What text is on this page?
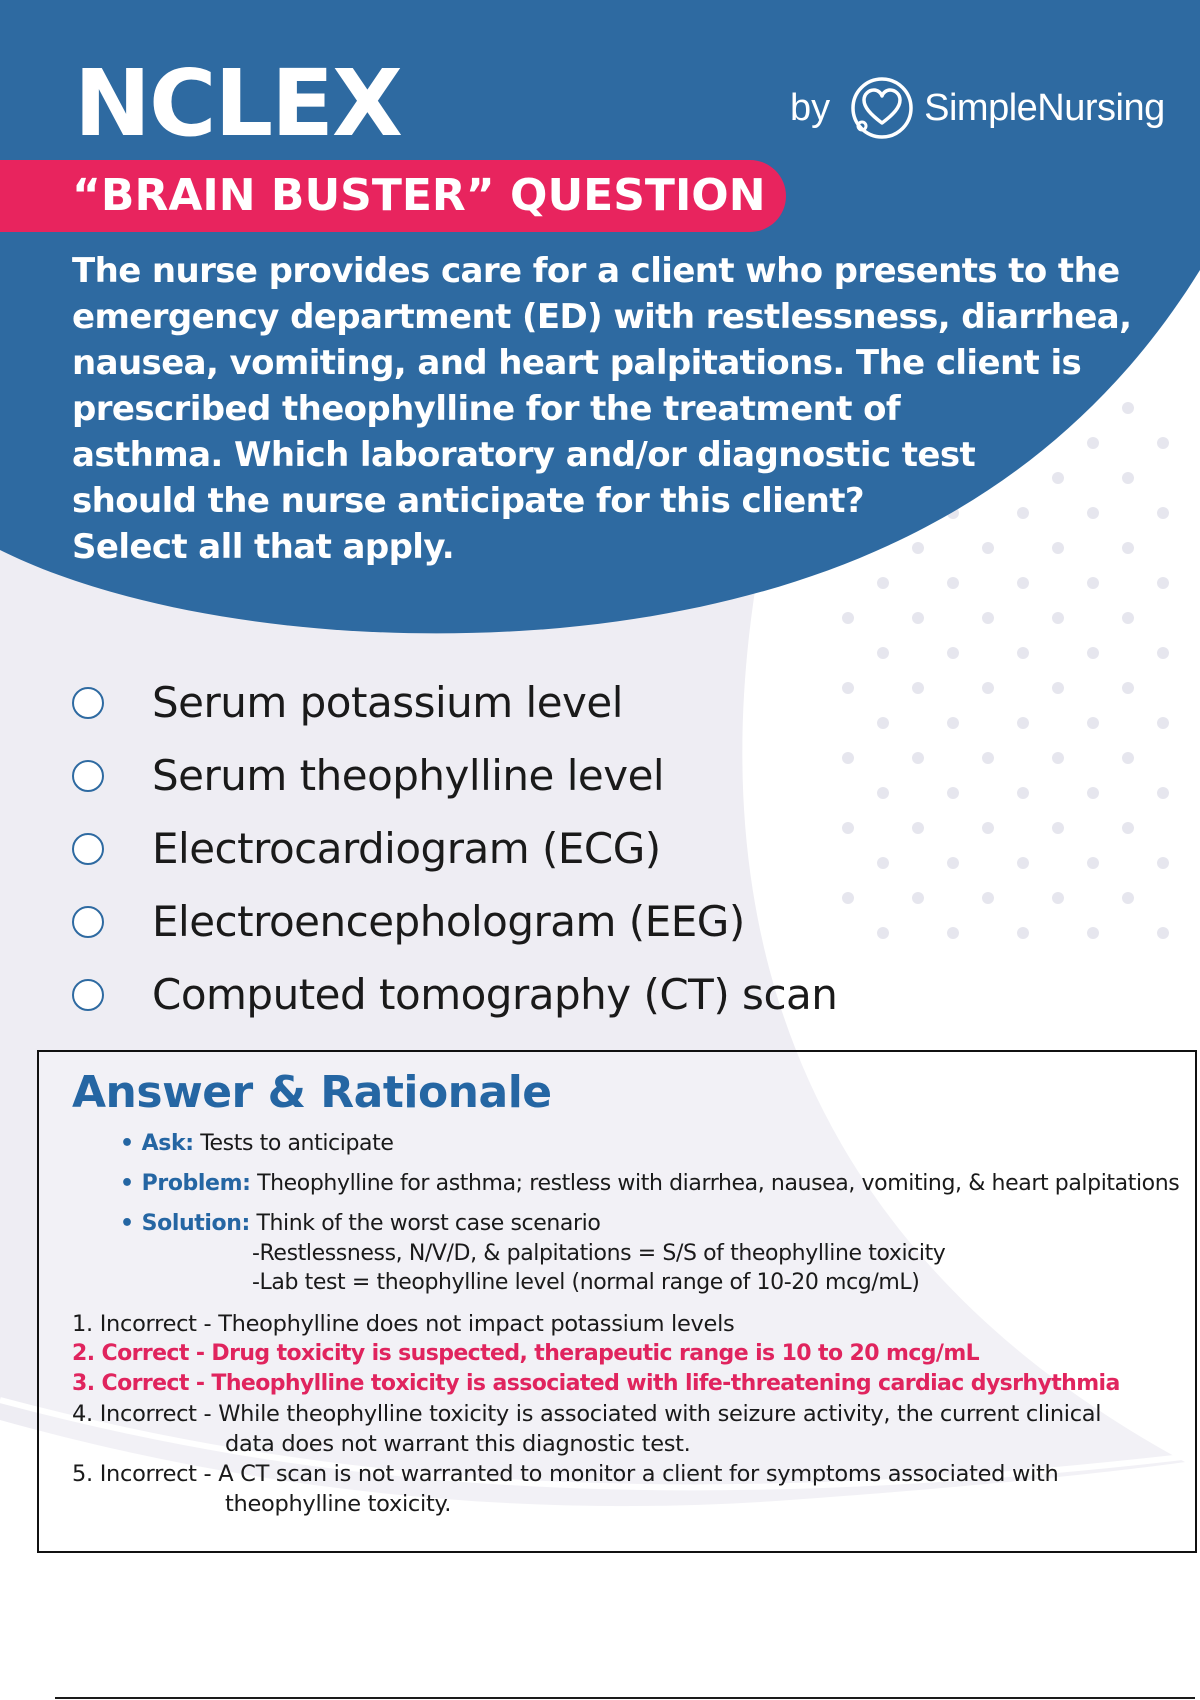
NCLEX	by SimpleNursing
“BRAIN BUSTER” QUESTION
The nurse provides care for a client who presents to the
emergency department (ED) with restlessness, diarrhea,
nausea, vomiting, and heart palpitations. The client is
prescribed theophylline for the treatment of
asthma. Which laboratory and/or diagnostic test
should the nurse anticipate for this client?
Select all that apply.
Serum potassium level
Serum theophylline level
Electrocardiogram (ECG)
Electroencephologram (EEG)
Computed tomography (CT) scan
Answer & Rationale
• Ask: Tests to anticipate
• Problem: Theophylline for asthma; restless with diarrhea, nausea, vomiting, & heart palpitations
• Solution: Think of the worst case scenario
-Restlessness, N/V/D, & palpitations = S/S of theophylline toxicity
-Lab test = theophylline level (normal range of 10-20 mcg/mL)
1. Incorrect - Theophylline does not impact potassium levels
2. Correct - Drug toxicity is suspected, therapeutic range is 10 to 20 mcg/mL
3. Correct - Theophylline toxicity is associated with life-threatening cardiac dysrhythmia
4. Incorrect - While theophylline toxicity is associated with seizure activity, the current clinical
data does not warrant this diagnostic test.
5. Incorrect - A CT scan is not warranted to monitor a client for symptoms associated with
theophylline toxicity.
